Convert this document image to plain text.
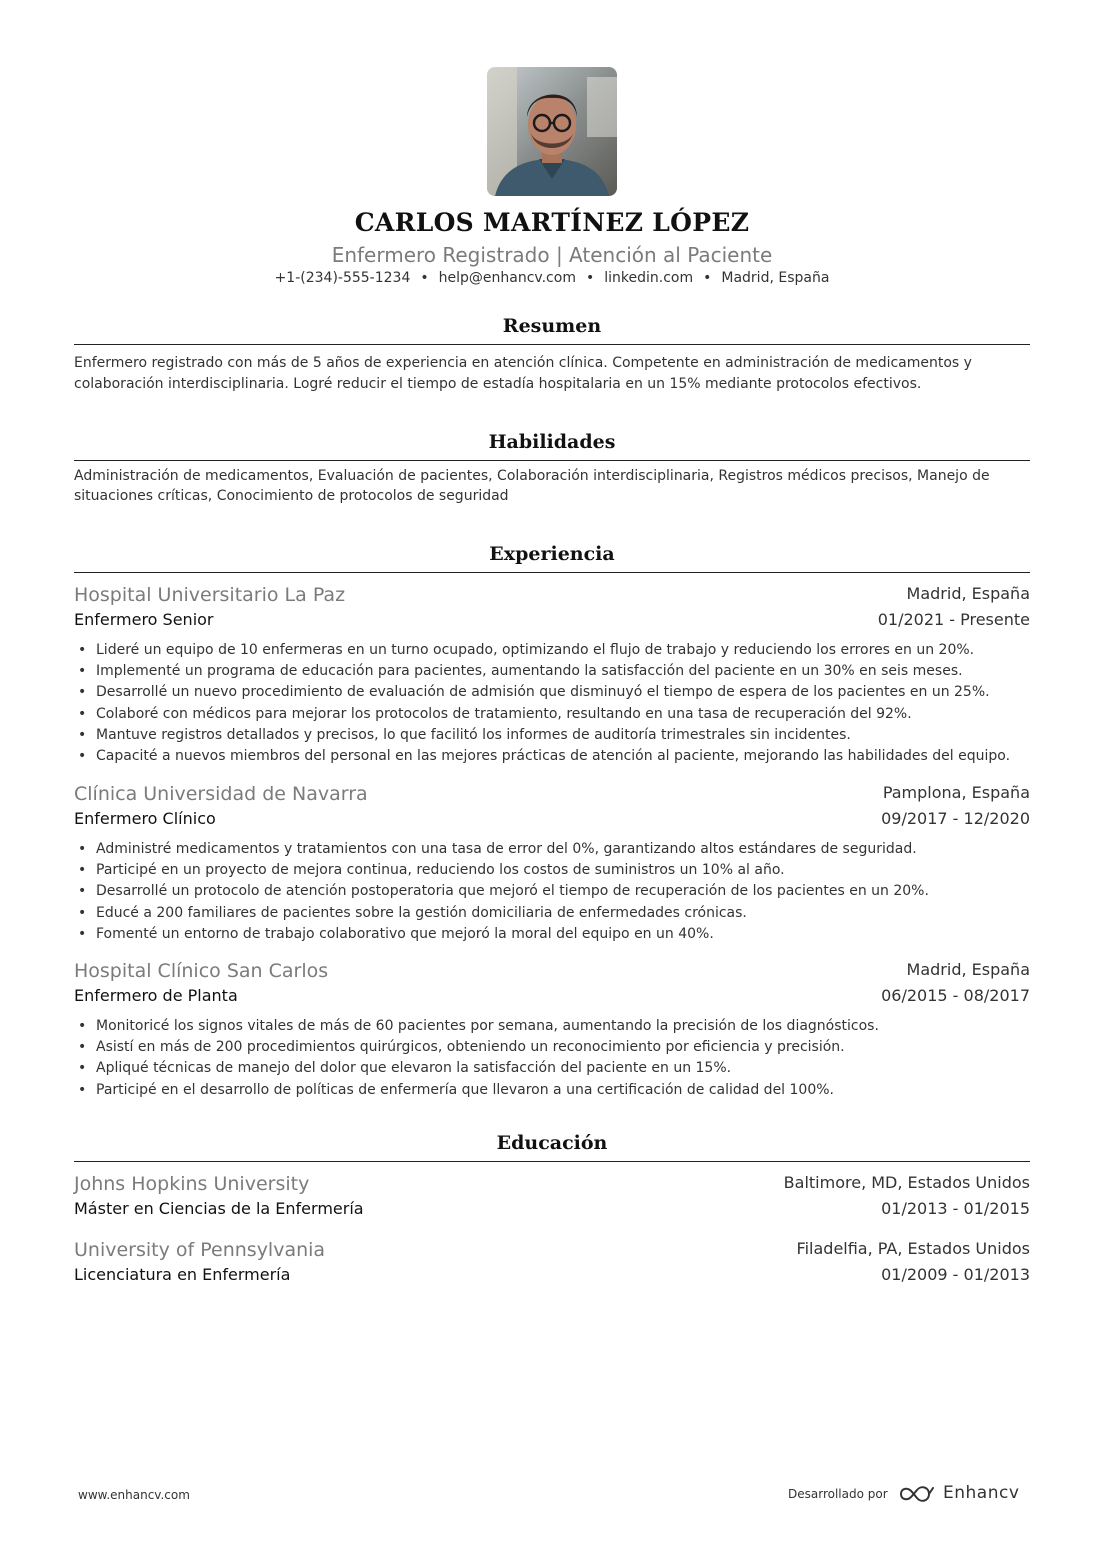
CARLOS MARTÍNEZ LÓPEZ
Enfermero Registrado | Atención al Paciente
+1-(234)-555-1234 • help@enhancv.com • linkedin.com • Madrid, España
Resumen
Enfermero registrado con más de 5 años de experiencia en atención clínica. Competente en administración de medicamentos y colaboración interdisciplinaria. Logré reducir el tiempo de estadía hospitalaria en un 15% mediante protocolos efectivos.
Habilidades
Administración de medicamentos, Evaluación de pacientes, Colaboración interdisciplinaria, Registros médicos precisos, Manejo de situaciones críticas, Conocimiento de protocolos de seguridad
Experiencia
Hospital Universitario La Paz	Madrid, España
Enfermero Senior	01/2021 - Presente
• Lideré un equipo de 10 enfermeras en un turno ocupado, optimizando el flujo de trabajo y reduciendo los errores en un 20%.
• Implementé un programa de educación para pacientes, aumentando la satisfacción del paciente en un 30% en seis meses.
• Desarrollé un nuevo procedimiento de evaluación de admisión que disminuyó el tiempo de espera de los pacientes en un 25%.
• Colaboré con médicos para mejorar los protocolos de tratamiento, resultando en una tasa de recuperación del 92%.
• Mantuve registros detallados y precisos, lo que facilitó los informes de auditoría trimestrales sin incidentes.
• Capacité a nuevos miembros del personal en las mejores prácticas de atención al paciente, mejorando las habilidades del equipo.
Clínica Universidad de Navarra	Pamplona, España
Enfermero Clínico	09/2017 - 12/2020
• Administré medicamentos y tratamientos con una tasa de error del 0%, garantizando altos estándares de seguridad.
• Participé en un proyecto de mejora continua, reduciendo los costos de suministros un 10% al año.
• Desarrollé un protocolo de atención postoperatoria que mejoró el tiempo de recuperación de los pacientes en un 20%.
• Educé a 200 familiares de pacientes sobre la gestión domiciliaria de enfermedades crónicas.
• Fomenté un entorno de trabajo colaborativo que mejoró la moral del equipo en un 40%.
Hospital Clínico San Carlos	Madrid, España
Enfermero de Planta	06/2015 - 08/2017
• Monitoricé los signos vitales de más de 60 pacientes por semana, aumentando la precisión de los diagnósticos.
• Asistí en más de 200 procedimientos quirúrgicos, obteniendo un reconocimiento por eficiencia y precisión.
• Apliqué técnicas de manejo del dolor que elevaron la satisfacción del paciente en un 15%.
• Participé en el desarrollo de políticas de enfermería que llevaron a una certificación de calidad del 100%.
Educación
Johns Hopkins University	Baltimore, MD, Estados Unidos
Máster en Ciencias de la Enfermería	01/2013 - 01/2015
University of Pennsylvania	Filadelfia, PA, Estados Unidos
Licenciatura en Enfermería	01/2009 - 01/2013
www.enhancv.com	Desarrollado por	Enhancv
